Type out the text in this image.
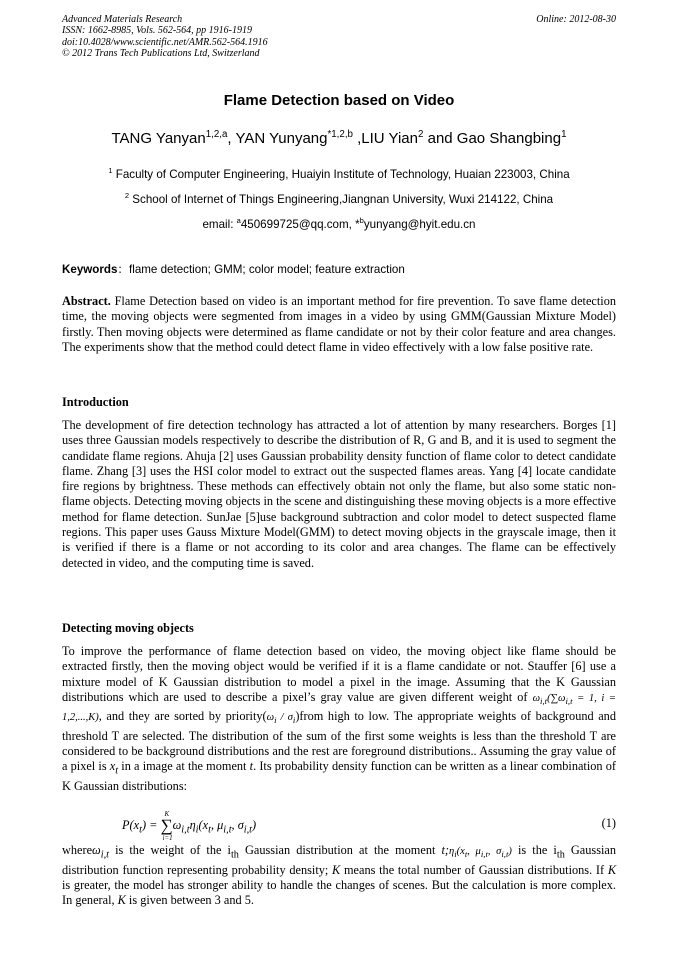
Advanced Materials Research
ISSN: 1662-8985, Vols. 562-564, pp 1916-1919
doi:10.4028/www.scientific.net/AMR.562-564.1916
© 2012 Trans Tech Publications Ltd, Switzerland
Online: 2012-08-30
Flame Detection based on Video
TANG Yanyan$^{1,2,a}$, YAN Yunyang$^{*1,2,b}$ ,LIU Yian$^2$ and Gao Shangbing$^1$
$^1$ Faculty of Computer Engineering, Huaiyin Institute of Technology, Huaian 223003, China
$^2$ School of Internet of Things Engineering,Jiangnan University, Wuxi 214122, China
email: $^a$450699725@qq.com, *$^b$yunyang@hyit.edu.cn
Keywords：flame detection; GMM; color model; feature extraction
Abstract. Flame Detection based on video is an important method for fire prevention. To save flame detection time, the moving objects were segmented from images in a video by using GMM(Gaussian Mixture Model) firstly. Then moving objects were determined as flame candidate or not by their color feature and area changes. The experiments show that the method could detect flame in video effectively with a low false positive rate.
Introduction
The development of fire detection technology has attracted a lot of attention by many researchers. Borges [1] uses three Gaussian models respectively to describe the distribution of R, G and B, and it is used to segment the candidate flame regions. Ahuja [2] uses Gaussian probability density function of flame color to detect candidate flame. Zhang [3] uses the HSI color model to extract out the suspected flames areas. Yang [4] locate candidate fire regions by brightness. These methods can effectively obtain not only the flame, but also some static non-flame objects. Detecting moving objects in the scene and distinguishing these moving objects is a more effective method for flame detection. SunJae [5]use background subtraction and color model to detect suspected flame regions. This paper uses Gauss Mixture Model(GMM) to detect moving objects in the grayscale image, then it is verified if there is a flame or not according to its color and area changes. The flame can be effectively detected in video, and the computing time is saved.
Detecting moving objects
To improve the performance of flame detection based on video, the moving object like flame should be extracted firstly, then the moving object would be verified if it is a flame candidate or not. Stauffer [6] use a mixture model of K Gaussian distribution to model a pixel in the image. Assuming that the K Gaussian distributions which are used to describe a pixel’s gray value are given different weight of $\omega_{i,t}(\sum\omega_{i,t} = 1$, i = 1,2,...,K), and they are sorted by $priority(\omega_i$ / $\sigma_i)from$ high to low. The appropriate weights of background and threshold T are selected. The distribution of the sum of the first some weights is less than the threshold T are considered to be background distributions and the rest are foreground distributions.. Assuming the gray value of a pixel is $x_t$ in a image at the moment t. Its probability density function can be written as a linear combination of K Gaussian distributions:
$P(x_t)$ =
K
∑
i=1
$\omega_{i,t}\eta_i(x_t$, $\mu_{i,t}$, $\sigma_{i,t}$)	(1)
whereω$_{i,t}$ is the weight of the $i_{th}$ Gaussian distribution at the moment $t;\eta_i(x_t$, $\mu_{i,t}$, $\sigma_{i,t}$) is the $i_{th}$ Gaussian distribution function representing probability density; K means the total number of Gaussian distributions. If K is greater, the model has stronger ability to handle the changes of scenes. But the calculation is more complex. In general, K is given between 3 and 5.
